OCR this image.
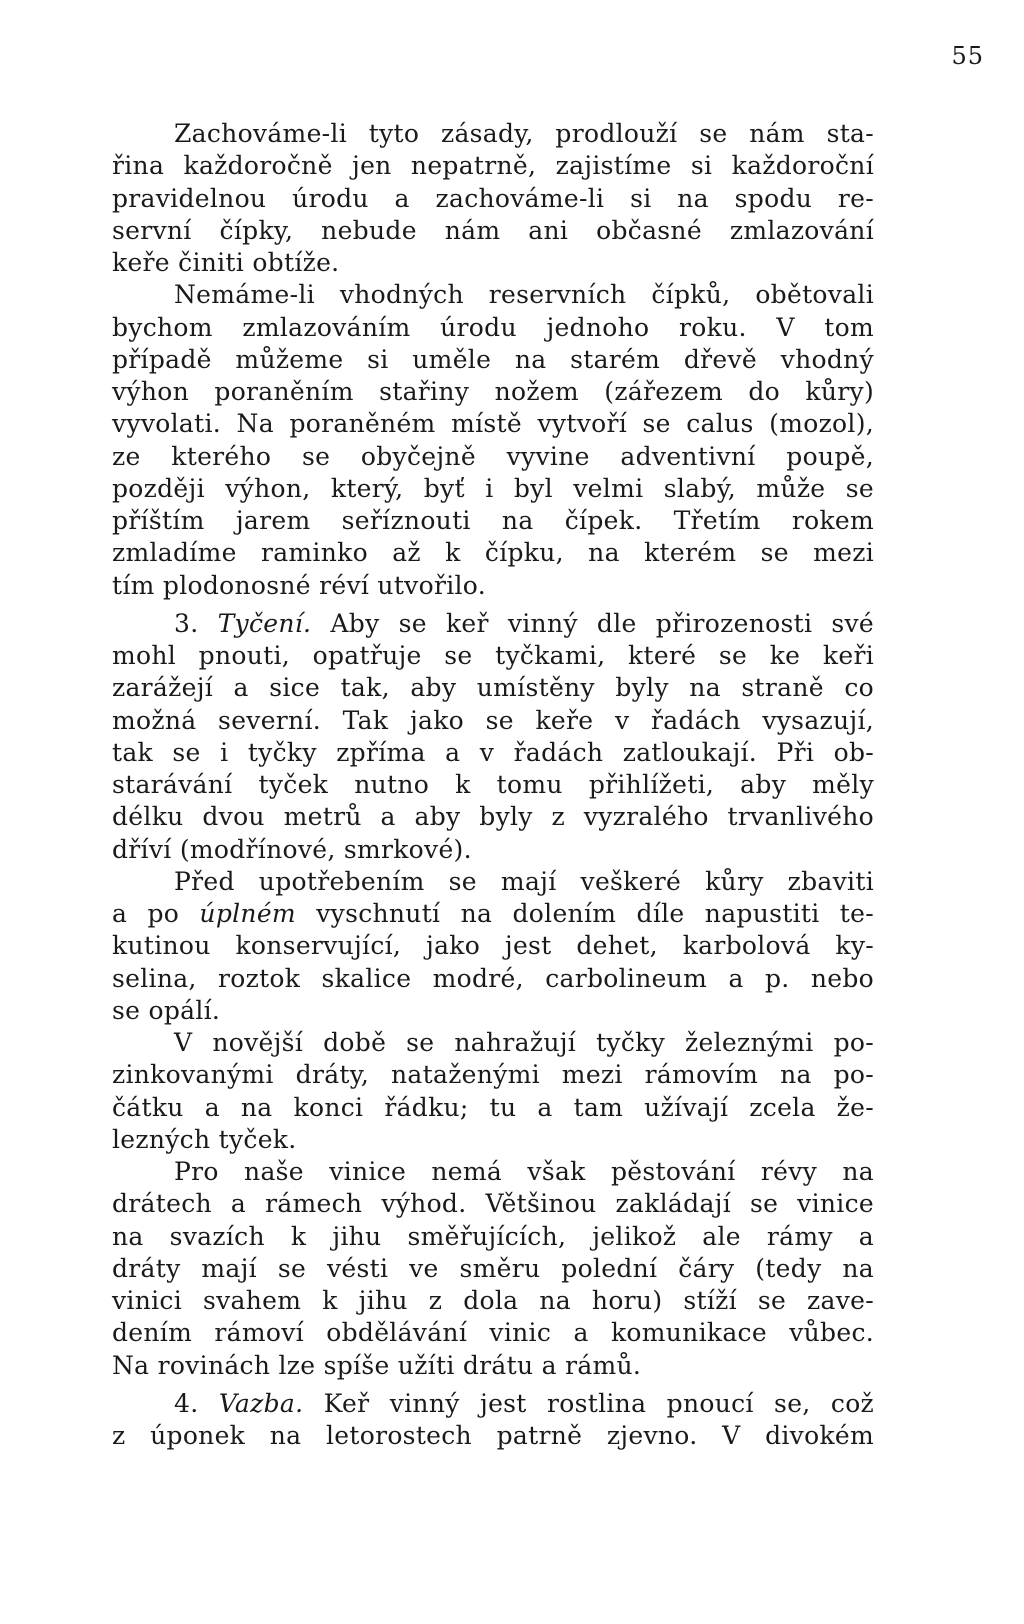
55
Zachováme-li tyto zásady, prodlouží se nám sta-
řina každoročně jen nepatrně, zajistíme si každoroční
pravidelnou úrodu a zachováme-li si na spodu re-
servní čípky, nebude nám ani občasné zmlazování
keře činiti obtíže.
Nemáme-li vhodných reservních čípků, obětovali
bychom zmlazováním úrodu jednoho roku. V tom
případě můžeme si uměle na starém dřevě vhodný
výhon poraněním stařiny nožem (zářezem do kůry)
vyvolati. Na poraněném místě vytvoří se calus (mozol),
ze kterého se obyčejně vyvine adventivní poupě,
později výhon, který, byť i byl velmi slabý, může se
příštím jarem seříznouti na čípek. Třetím rokem
zmladíme raminko až k čípku, na kterém se mezi
tím plodonosné réví utvořilo.
3. Tyčení. Aby se keř vinný dle přirozenosti své
mohl pnouti, opatřuje se tyčkami, které se ke keři
zarážejí a sice tak, aby umístěny byly na straně co
možná severní. Tak jako se keře v řadách vysazují,
tak se i tyčky zpříma a v řadách zatloukají. Při ob-
starávání tyček nutno k tomu přihlížeti, aby měly
délku dvou metrů a aby byly z vyzralého trvanlivého
dříví (modřínové, smrkové).
Před upotřebením se mají veškeré kůry zbaviti
a po úplném vyschnutí na dolením díle napustiti te-
kutinou konservující, jako jest dehet, karbolová ky-
selina, roztok skalice modré, carbolineum a p. nebo
se opálí.
V novější době se nahražují tyčky železnými po-
zinkovanými dráty, nataženými mezi rámovím na po-
čátku a na konci řádku; tu a tam užívají zcela že-
lezných tyček.
Pro naše vinice nemá však pěstování révy na
drátech a rámech výhod. Většinou zakládají se vinice
na svazích k jihu směřujících, jelikož ale rámy a
dráty mají se vésti ve směru polední čáry (tedy na
vinici svahem k jihu z dola na horu) stíží se zave-
dením rámoví obdělávání vinic a komunikace vůbec.
Na rovinách lze spíše užíti drátu a rámů.
4. Vazba. Keř vinný jest rostlina pnoucí se, což
z úponek na letorostech patrně zjevno. V divokém
